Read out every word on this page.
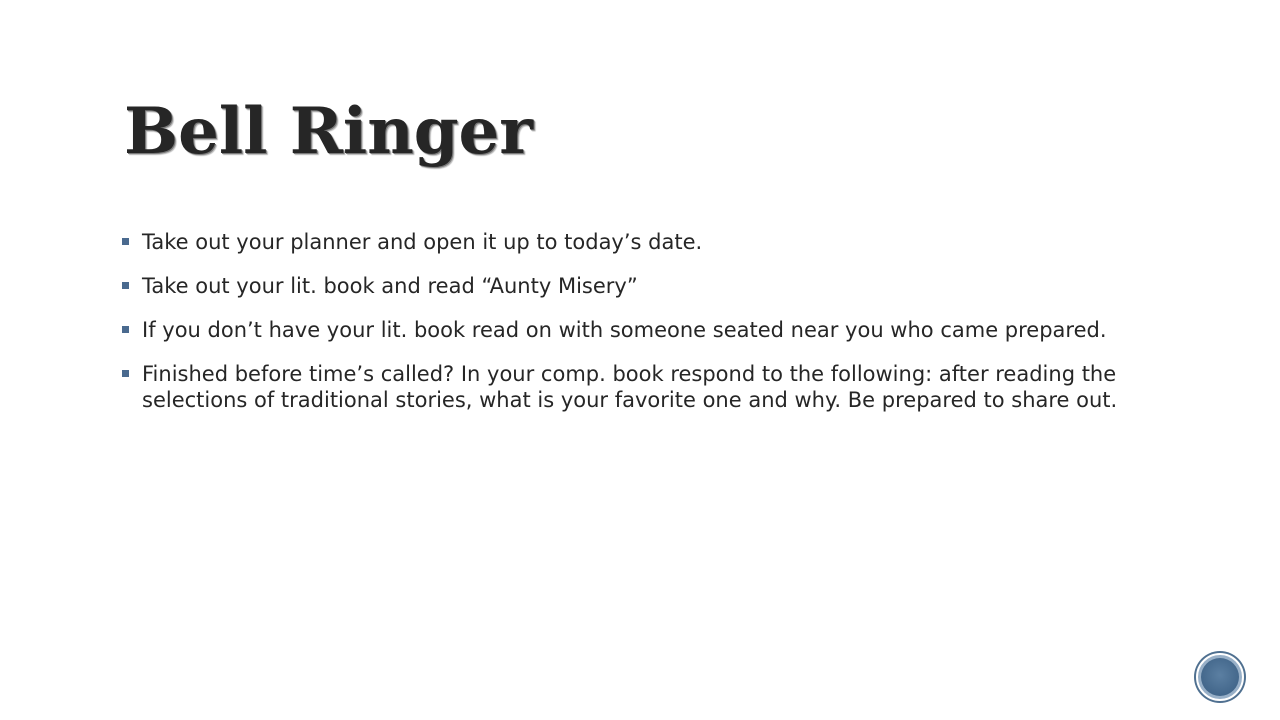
Bell Ringer
Take out your planner and open it up to today’s date.
Take out your lit. book and read “Aunty Misery”
If you don’t have your lit. book read on with someone seated near you who came prepared.
Finished before time’s called? In your comp. book respond to the following: after reading the selections of traditional stories, what is your favorite one and why. Be prepared to share out.
